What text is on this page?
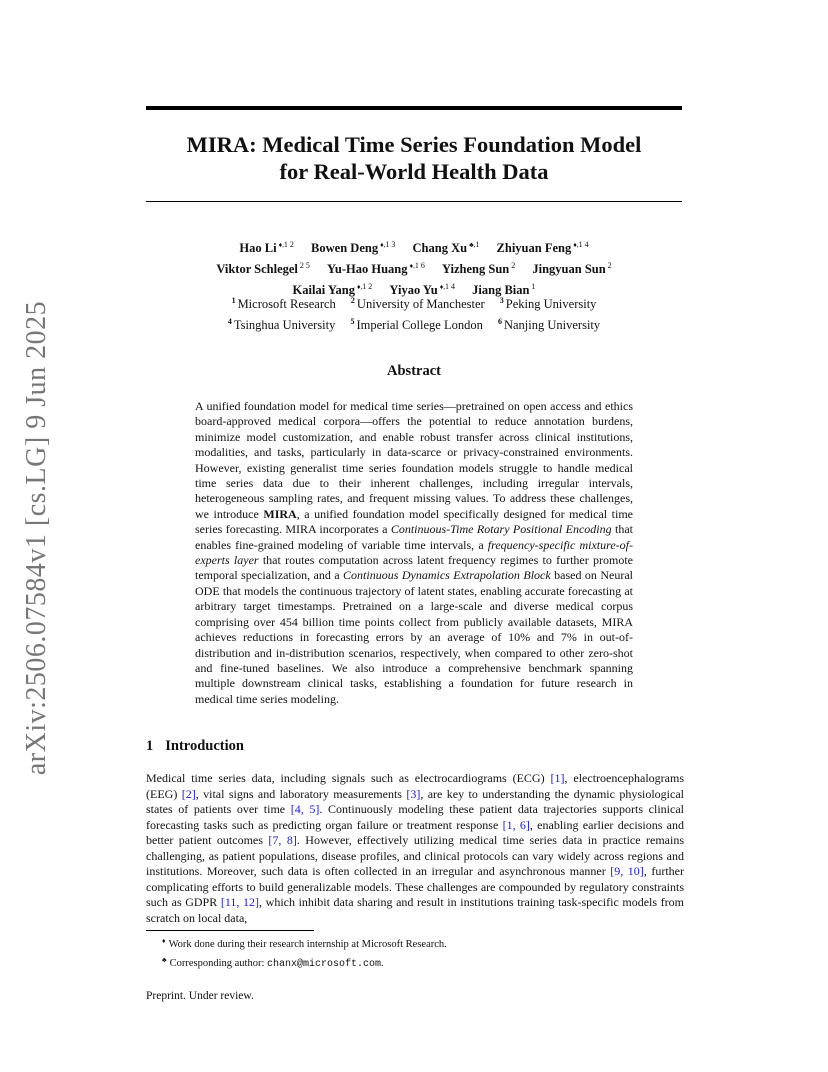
arXiv:2506.07584v1 [cs.LG] 9 Jun 2025
MIRA: Medical Time Series Foundation Model
for Real-World Health Data
Hao Li $^{♦,1 2}$ Bowen Deng $^{♦,1 3}$ Chang Xu $^{♣,1}$ Zhiyuan Feng $^{♦,1 4}$
Viktor Schlegel $^{2 5}$ Yu-Hao Huang $^{♦,1 6}$ Yizheng Sun $^2$ Jingyuan Sun $^2$
Kailai Yang $^{♦,1 2}$ Yiyao Yu $^{♦,1 4}$ Jiang Bian $^1$
$^1$ Microsoft Research $^2$ University of Manchester $^3$ Peking University
$^4$ Tsinghua University $^5$ Imperial College London $^6$ Nanjing University
Abstract

A unified foundation model for medical time series—pretrained on open access and ethics board-approved medical corpora—offers the potential to reduce annotation burdens, minimize model customization, and enable robust transfer across clinical institutions, modalities, and tasks, particularly in data-scarce or privacy-constrained environments. However, existing generalist time series foundation models struggle to handle medical time series data due to their inherent challenges, including irregular intervals, heterogeneous sampling rates, and frequent missing values. To address these challenges, we introduce MIRA, a unified foundation model specifically designed for medical time series forecasting. MIRA incorporates a Continuous-Time Rotary Positional Encoding that enables fine-grained modeling of variable time intervals, a frequency-specific mixture-of-experts layer that routes computation across latent frequency regimes to further promote temporal specialization, and a Continuous Dynamics Extrapolation Block based on Neural ODE that models the continuous trajectory of latent states, enabling accurate forecasting at arbitrary target timestamps. Pretrained on a large-scale and diverse medical corpus comprising over 454 billion time points collect from publicly available datasets, MIRA achieves reductions in forecasting errors by an average of 10% and 7% in out-of-distribution and in-distribution scenarios, respectively, when compared to other zero-shot and fine-tuned baselines. We also introduce a comprehensive benchmark spanning multiple downstream clinical tasks, establishing a foundation for future research in medical time series modeling.

1 Introduction

Medical time series data, including signals such as electrocardiograms (ECG) [1], electroencephalograms (EEG) [2], vital signs and laboratory measurements [3], are key to understanding the dynamic physiological states of patients over time [4, 5]. Continuously modeling these patient data trajectories supports clinical forecasting tasks such as predicting organ failure or treatment response [1, 6], enabling earlier decisions and better patient outcomes [7, 8]. However, effectively utilizing medical time series data in practice remains challenging, as patient populations, disease profiles, and clinical protocols can vary widely across regions and institutions. Moreover, such data is often collected in an irregular and asynchronous manner [9, 10], further complicating efforts to build generalizable models. These challenges are compounded by regulatory constraints such as GDPR [11, 12], which inhibit data sharing and result in institutions training task-specific models from scratch on local data,

♦ Work done during their research internship at Microsoft Research.
♣ Corresponding author: chanx@microsoft.com.
Preprint. Under review.
